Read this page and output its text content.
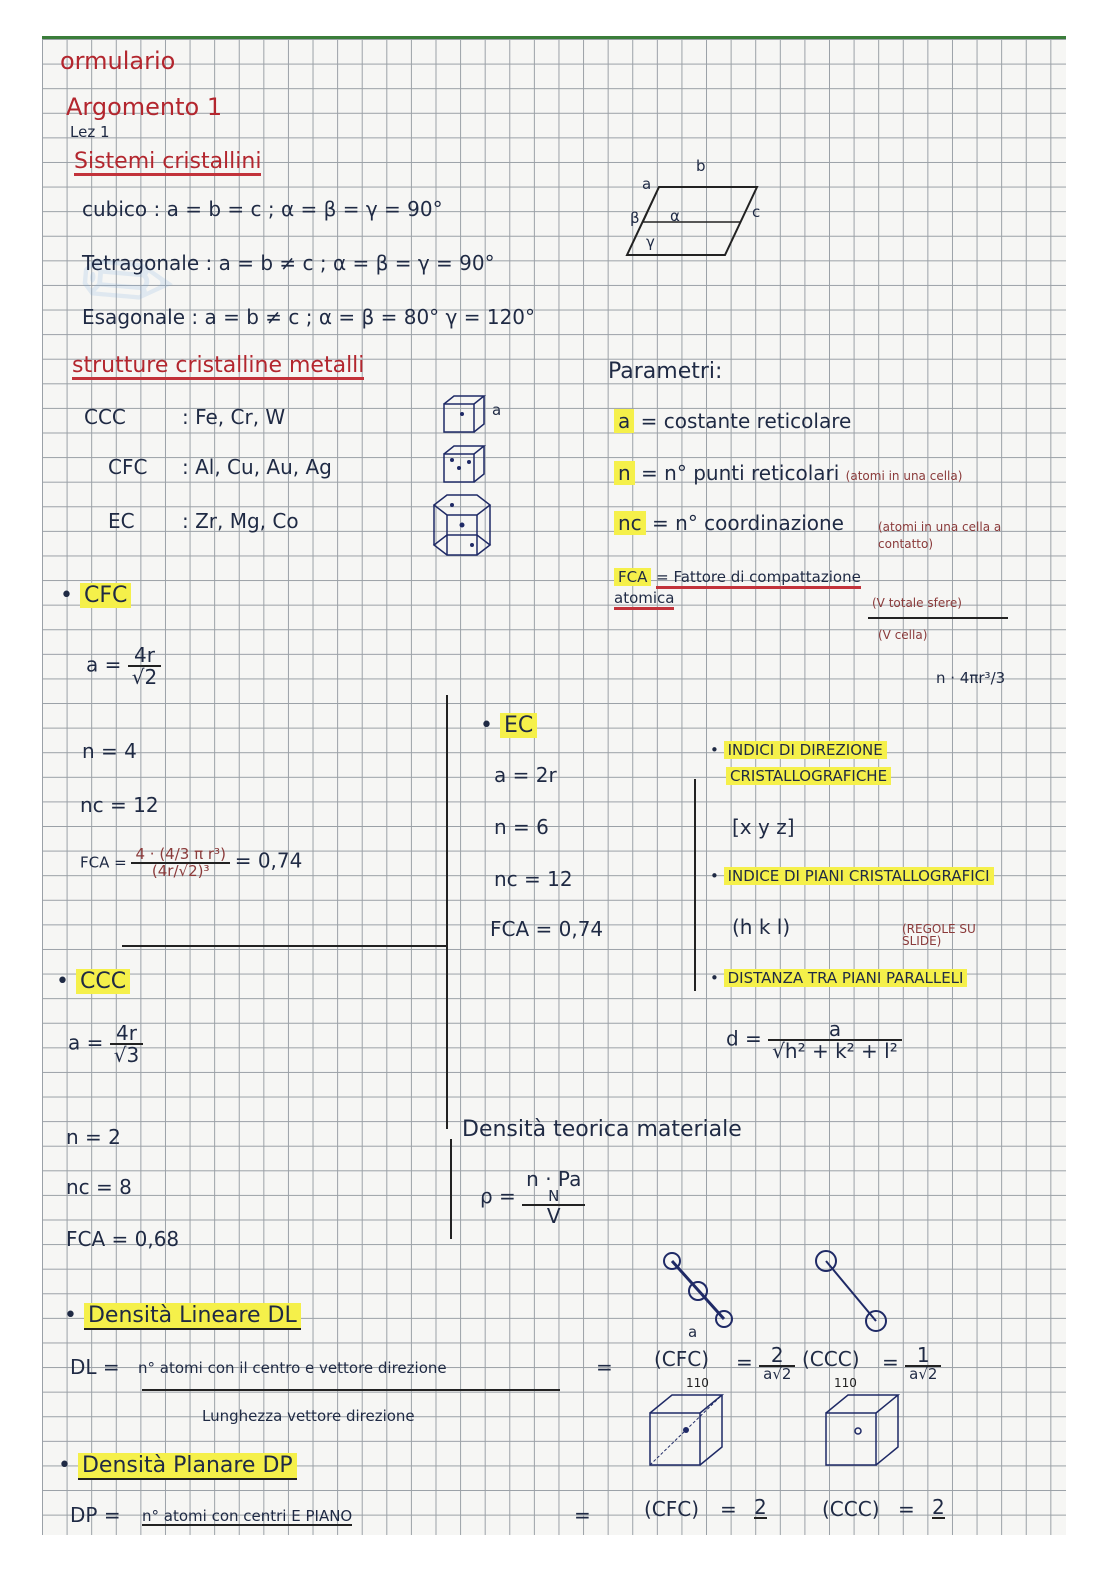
✎
ormulario
Argomento 1
Lez 1
Sistemi cristallini
cubico : a = b = c ; α = β = γ = 90°
Tetragonale : a = b ≠ c ; α = β = γ = 90°
Esagonale : a = b ≠ c ; α = β = 80° γ = 120°
b
a
c
α
β
γ
strutture cristalline metalli
CCC	: Fe, Cr, W
CFC : Al, Cu, Au, Ag
EC : Zr, Mg, Co
a
Parametri:
a = costante reticolare
n = n° punti reticolari (atomi in una cella)
nc = n° coordinazione	(atomi in una cella a contatto)
FCA = Fattore di compattazione atomica	(V totale sfere)
(V cella)
n · 4πr³/3
• CFC
$a = \frac{4r}{√2}$
n = 4
nc = 12
FCA = $\frac{\text{4 · (4/3 π r³)}}{\text{(4r/√2)³}} = 0,74$
• EC
a = 2r
n = 6
nc = 12
FCA = 0,74
• INDICI DI DIREZIONE
CRISTALLOGRAFICHE
[x y z]
• INDICE DI PIANI CRISTALLOGRAFICI
(h k l)	(REGOLE SU SLIDE)
• DISTANZA TRA PIANI PARALLELI
$d = \frac{a}{\text{√h² + k² + l²}}$
• CCC
$a = \frac{4r}{√3}$
n = 2
nc = 8
FCA = 0,68
Densità teorica materiale
ρ = n · Pa
N
V
a
• Densità Lineare DL
DL = n° atomi con il centro e vettore direzione
Lunghezza vettore direzione
= (CFC)
110
= $\frac{2}{a√2} (CCC)$
110
= $\frac{1}{a√2}$
• Densità Planare DP
DP = n° atomi con centri E PIANO	=	(CFC) = 2	(CCC) = 2
